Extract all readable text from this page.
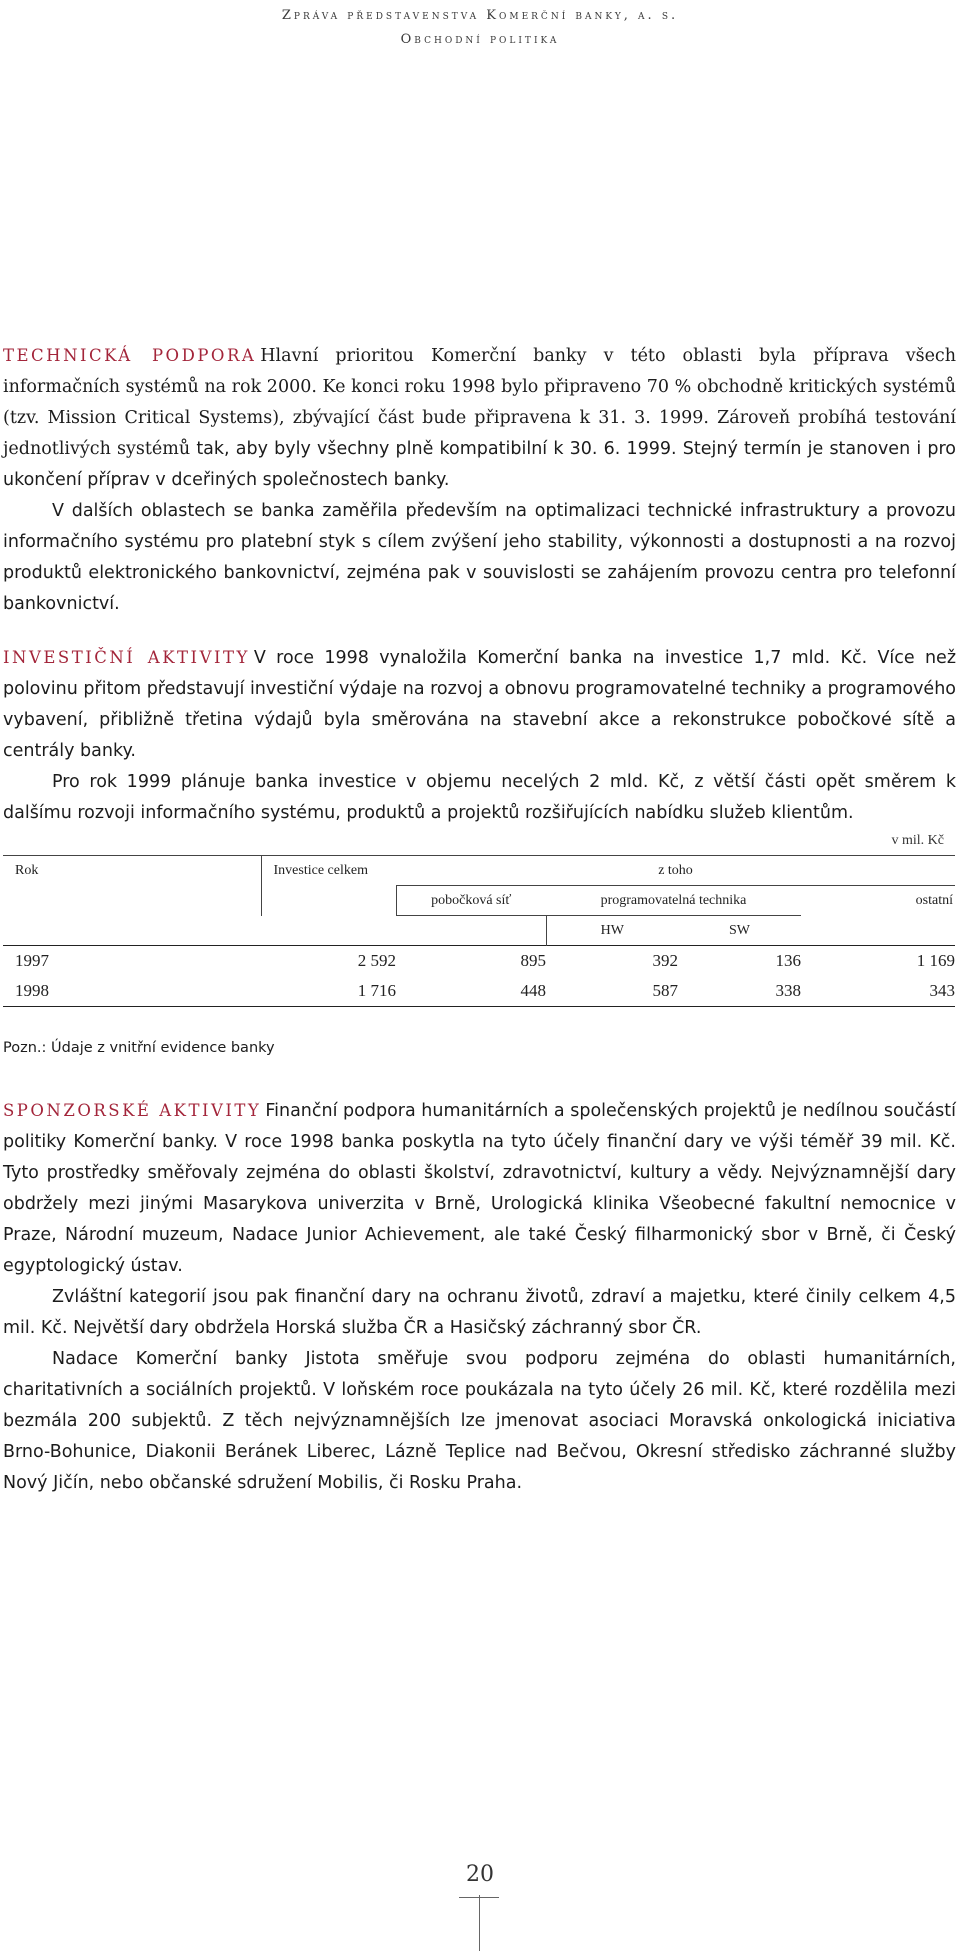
Zpráva představenstva Komerční banky, a. s.
Obchodní politika

TECHNICKÁ PODPORA Hlavní prioritou Komerční banky v této oblasti byla příprava všech informačních systémů na rok 2000. Ke konci roku 1998 bylo připraveno 70 % obchodně kritických systémů (tzv. Mission Critical Systems), zbývající část bude připravena k 31. 3. 1999. Zároveň probíhá testování jednotlivých systémů tak, aby byly všechny plně kompatibilní k 30. 6. 1999. Stejný termín je stanoven i pro ukončení příprav v dceřiných společnostech banky.

V dalších oblastech se banka zaměřila především na optimalizaci technické infrastruktury a provozu informačního systému pro platební styk s cílem zvýšení jeho stability, výkonnosti a dostupnosti a na rozvoj produktů elektronického bankovnictví, zejména pak v souvislosti se zahájením provozu centra pro telefonní bankovnictví.

INVESTIČNÍ AKTIVITY V roce 1998 vynaložila Komerční banka na investice 1,7 mld. Kč. Více než polovinu přitom představují investiční výdaje na rozvoj a obnovu programovatelné techniky a programového vybavení, přibližně třetina výdajů byla směrována na stavební akce a rekonstrukce pobočkové sítě a centrály banky.

Pro rok 1999 plánuje banka investice v objemu necelých 2 mld. Kč, z větší části opět směrem k dalšímu rozvoji informačního systému, produktů a projektů rozšiřujících nabídku služeb klientům.

v mil. Kč
Rok	Investice celkem	z toho			
		pobočková síť	programovatelná technika		ostatní
			HW	SW	
1997	2 592	895	392	136	1 169
1998	1 716	448	587	338	343
Pozn.: Údaje z vnitřní evidence banky

SPONZORSKÉ AKTIVITY Finanční podpora humanitárních a společenských projektů je nedílnou součástí politiky Komerční banky. V roce 1998 banka poskytla na tyto účely finanční dary ve výši téměř 39 mil. Kč. Tyto prostředky směřovaly zejména do oblasti školství, zdravotnictví, kultury a vědy. Nejvýznamnější dary obdržely mezi jinými Masarykova univerzita v Brně, Urologická klinika Všeobecné fakultní nemocnice v Praze, Národní muzeum, Nadace Junior Achievement, ale také Český filharmonický sbor v Brně, či Český egyptologický ústav.

Zvláštní kategorií jsou pak finanční dary na ochranu životů, zdraví a majetku, které činily celkem 4,5 mil. Kč. Největší dary obdržela Horská služba ČR a Hasičský záchranný sbor ČR.

Nadace Komerční banky Jistota směřuje svou podporu zejména do oblasti humanitárních, charitativních a sociálních projektů. V loňském roce poukázala na tyto účely 26 mil. Kč, které rozdělila mezi bezmála 200 subjektů. Z těch nejvýznamnějších lze jmenovat asociaci Moravská onkologická iniciativa Brno-Bohunice, Diakonii Beránek Liberec, Lázně Teplice nad Bečvou, Okresní středisko záchranné služby Nový Jičín, nebo občanské sdružení Mobilis, či Rosku Praha.

20
